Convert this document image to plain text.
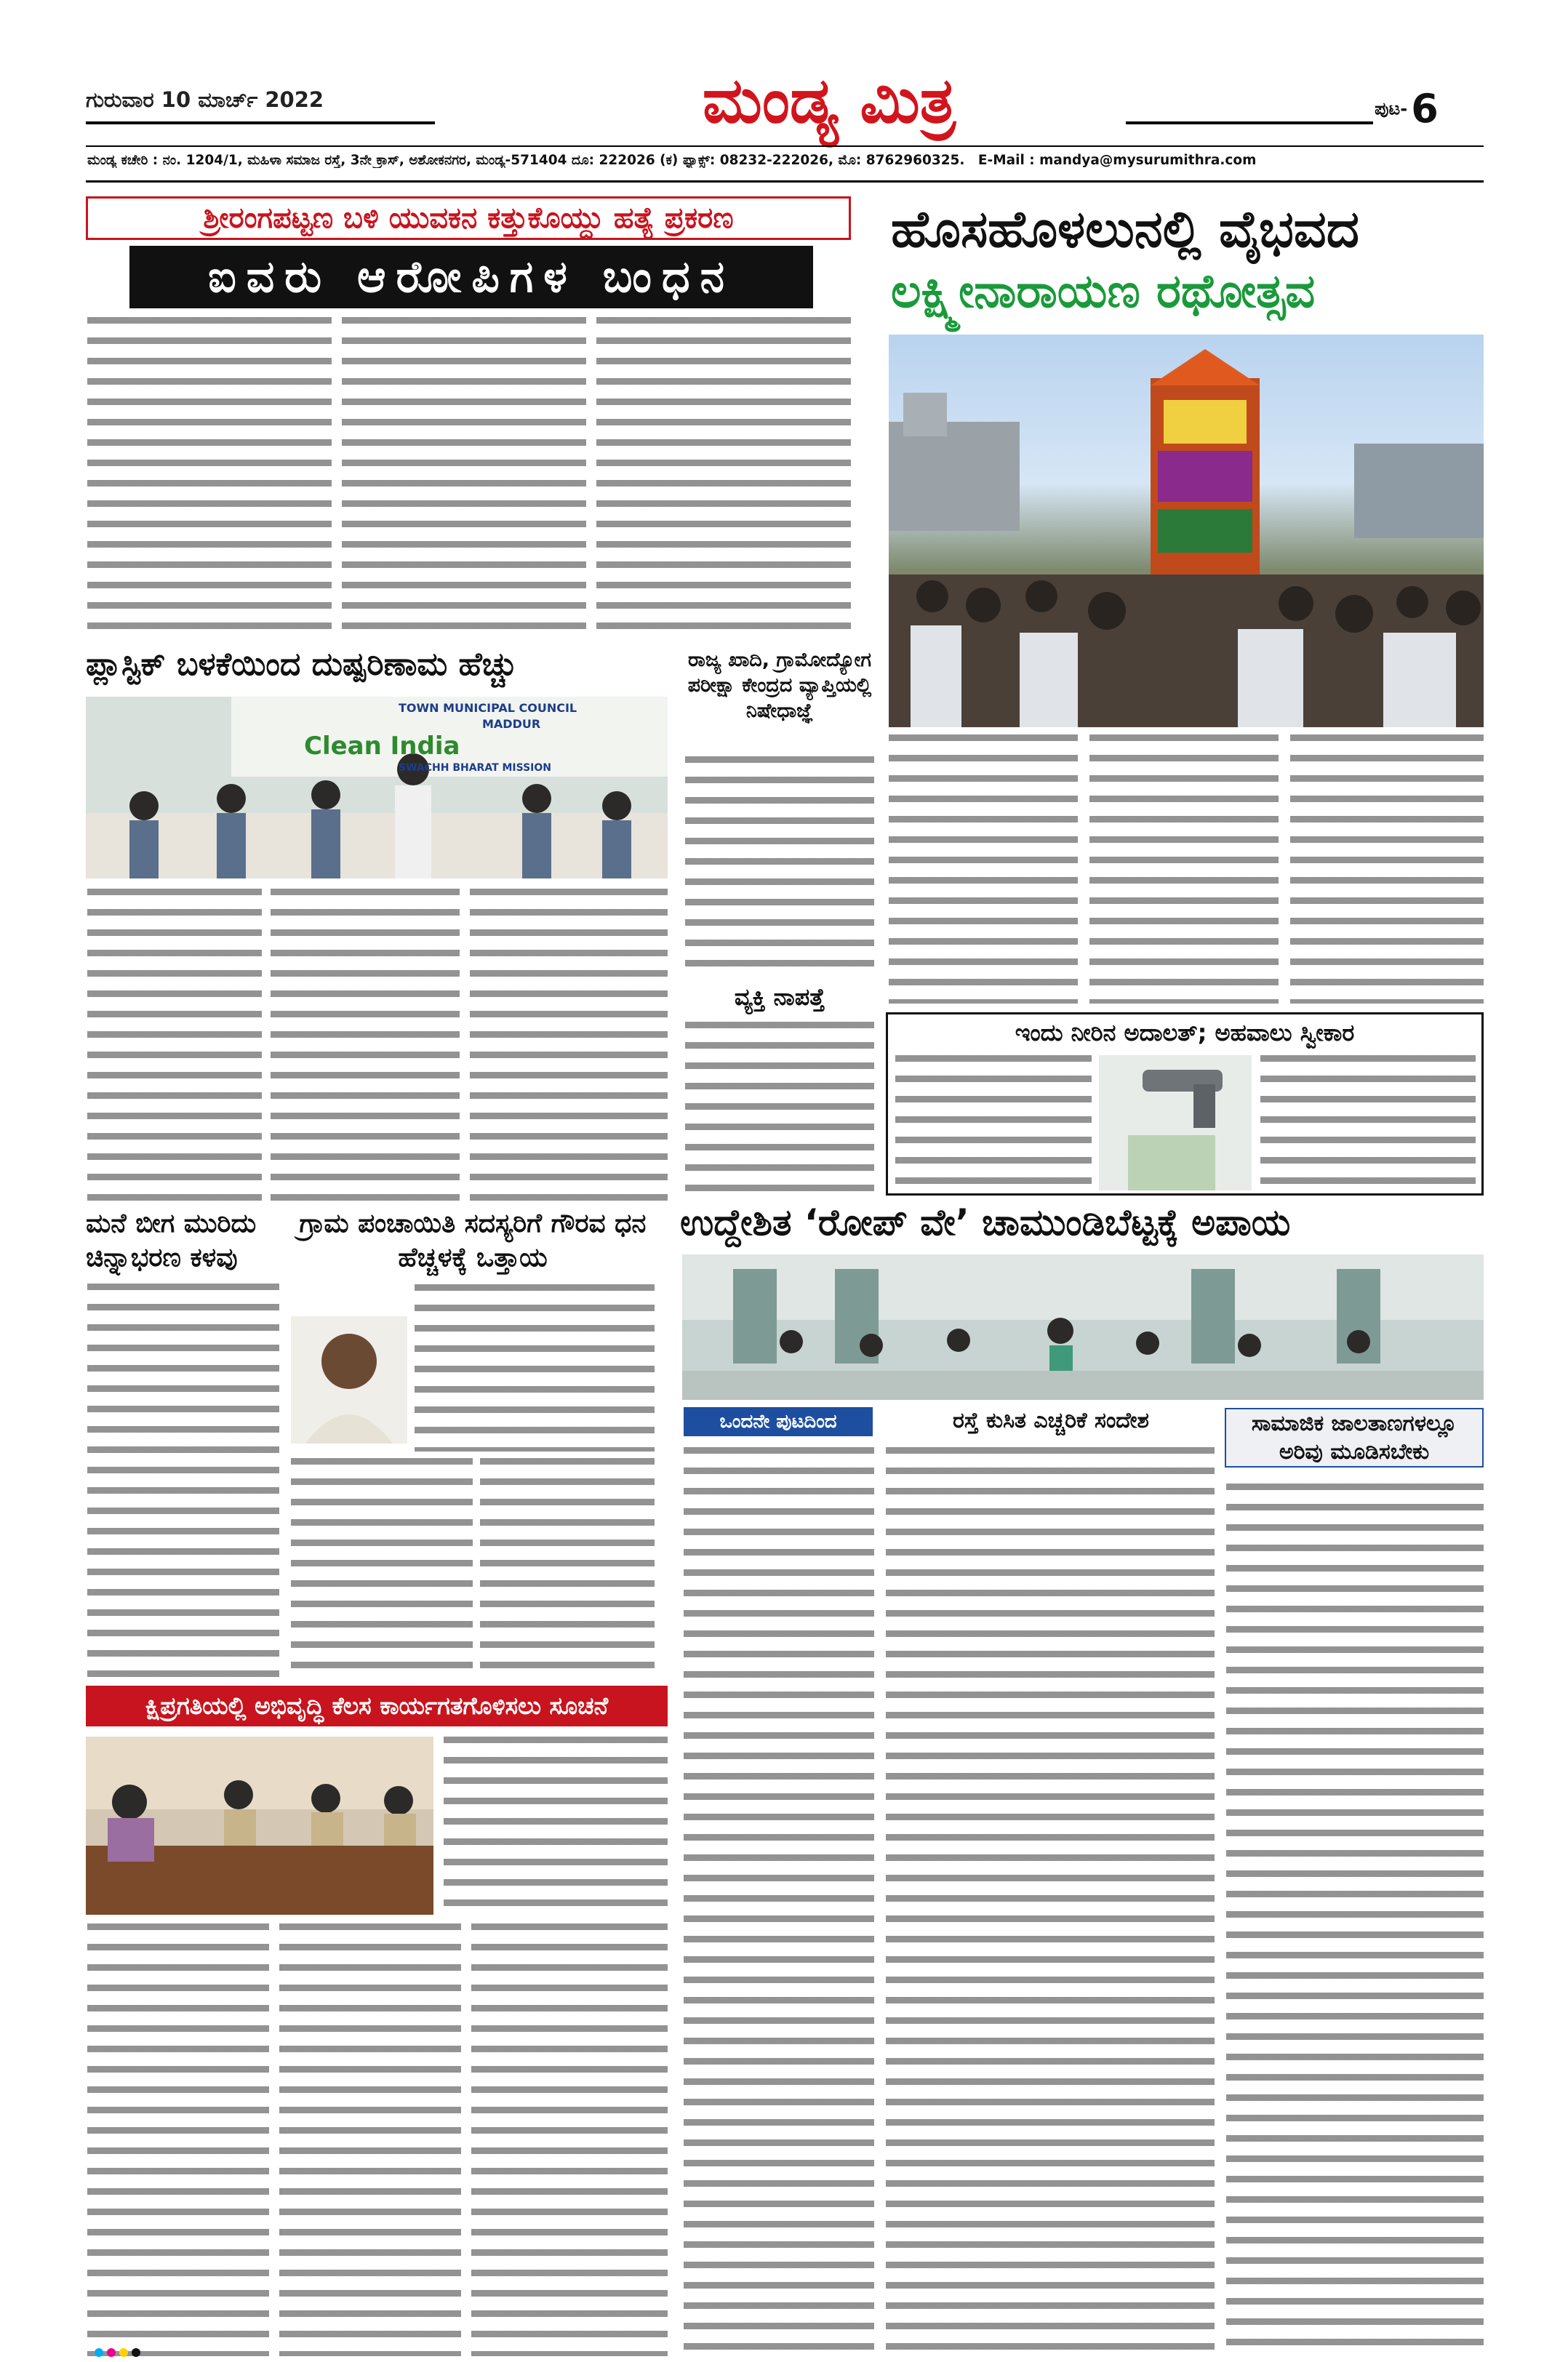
ಗುರುವಾರ 10 ಮಾರ್ಚ್ 2022	ಮಂಡ್ಯ ಮಿತ್ರ	ಪುಟ- 6
ಮಂಡ್ಯ ಕಚೇರಿ : ನಂ. 1204/1, ಮಹಿಳಾ ಸಮಾಜ ರಸ್ತೆ, 3ನೇ ಕ್ರಾಸ್, ಅಶೋಕನಗರ, ಮಂಡ್ಯ-571404 ದೂ: 222026 (ಕ) ಫ್ಯಾಕ್ಸ್: 08232-222026, ಮೊ: 8762960325. E-Mail : mandya@mysurumithra.com
ಶ್ರೀರಂಗಪಟ್ಟಣ ಬಳಿ ಯುವಕನ ಕತ್ತುಕೊಯ್ದು ಹತ್ಯೆ ಪ್ರಕರಣ
ಐವರು ಆರೋಪಿಗಳ ಬಂಧನ
ಹೊಸಹೊಳಲುನಲ್ಲಿ ವೈಭವದ
ಲಕ್ಷ್ಮೀನಾರಾಯಣ ರಥೋತ್ಸವ
ಪ್ಲಾಸ್ಟಿಕ್ ಬಳಕೆಯಿಂದ ದುಷ್ಪರಿಣಾಮ ಹೆಚ್ಚು
TOWN MUNICIPAL COUNCIL
MADDUR
Clean India
SWACHH BHARAT MISSION
ರಾಜ್ಯ ಖಾದಿ, ಗ್ರಾಮೋದ್ಯೋಗ ಪರೀಕ್ಷಾ ಕೇಂದ್ರದ ವ್ಯಾಪ್ತಿಯಲ್ಲಿ ನಿಷೇಧಾಜ್ಞೆ
ವ್ಯಕ್ತಿ ನಾಪತ್ತೆ
ಇಂದು ನೀರಿನ ಅದಾಲತ್; ಅಹವಾಲು ಸ್ವೀಕಾರ
ಮನೆ ಬೀಗ ಮುರಿದು ಚಿನ್ನಾಭರಣ ಕಳವು
ಗ್ರಾಮ ಪಂಚಾಯಿತಿ ಸದಸ್ಯರಿಗೆ ಗೌರವ ಧನ ಹೆಚ್ಚಳಕ್ಕೆ ಒತ್ತಾಯ
ಉದ್ದೇಶಿತ ‘ರೋಪ್ ವೇ’ ಚಾಮುಂಡಿಬೆಟ್ಟಕ್ಕೆ ಅಪಾಯ
ಒಂದನೇ ಪುಟದಿಂದ	ರಸ್ತೆ ಕುಸಿತ ಎಚ್ಚರಿಕೆ ಸಂದೇಶ	ಸಾಮಾಜಿಕ ಜಾಲತಾಣಗಳಲ್ಲೂ ಅರಿವು ಮೂಡಿಸಬೇಕು
ಕ್ಷಿಪ್ರಗತಿಯಲ್ಲಿ ಅಭಿವೃದ್ಧಿ ಕೆಲಸ ಕಾರ್ಯಗತಗೊಳಿಸಲು ಸೂಚನೆ
